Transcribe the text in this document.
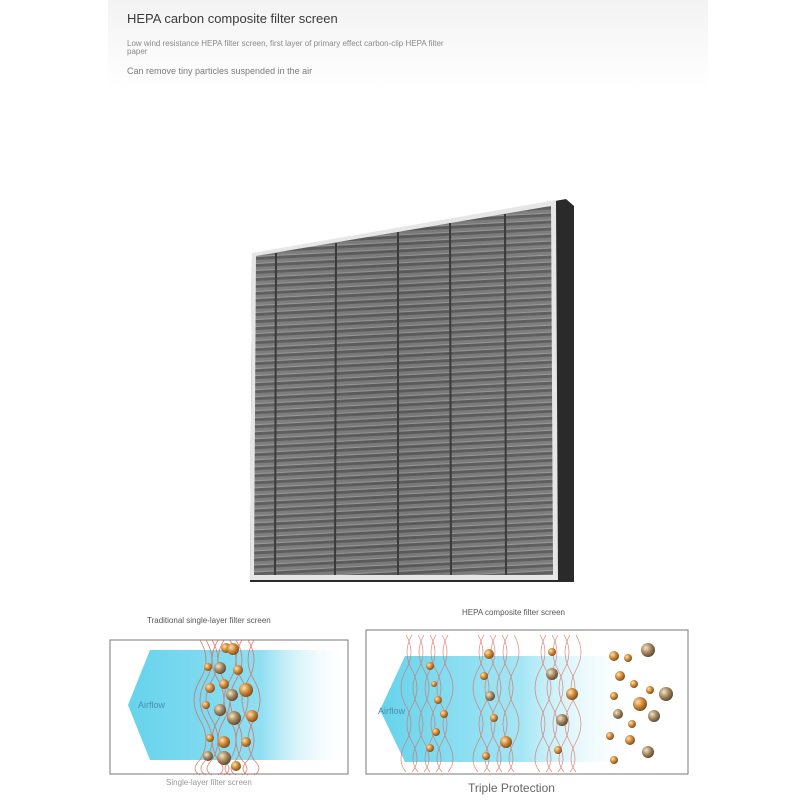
HEPA carbon composite filter screen
Low wind resistance HEPA filter screen, first layer of primary effect carbon-clip HEPA filter paper
Can remove tiny particles suspended in the air
Traditional single-layer filter screen
HEPA composite filter screen
Airflow
Airflow
Single-layer filter screen	Triple Protection
